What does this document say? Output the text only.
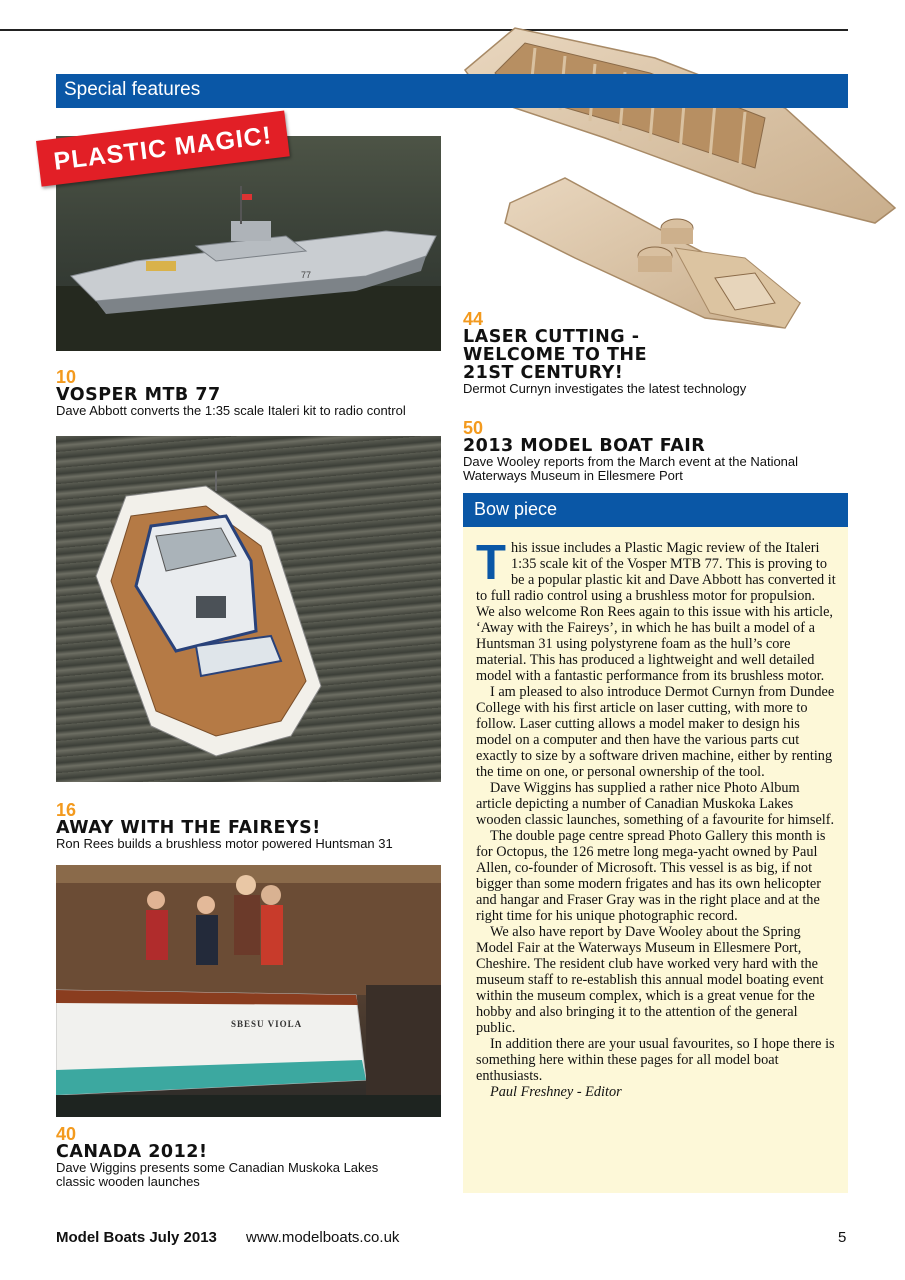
Special features
77
PLASTIC MAGIC!
10
VOSPER MTB 77
Dave Abbott converts the 1:35 scale Italeri kit to radio control
44
LASER CUTTING -
WELCOME TO THE
21ST CENTURY!
Dermot Curnyn investigates the latest technology
50
2013 MODEL BOAT FAIR
Dave Wooley reports from the March event at the National
Waterways Museum in Ellesmere Port
16
AWAY WITH THE FAIREYS!
Ron Rees builds a brushless motor powered Huntsman 31
SBESU VIOLA
40
CANADA 2012!
Dave Wiggins presents some Canadian Muskoka Lakes
classic wooden launches
Bow piece

This issue includes a Plastic Magic review of the Italeri 1:35 scale kit of the Vosper MTB 77. This is proving to be a popular plastic kit and Dave Abbott has converted it to full radio control using a brushless motor for propulsion. We also welcome Ron Rees again to this issue with his article, ‘Away with the Faireys’, in which he has built a model of a Huntsman 31 using polystyrene foam as the hull’s core material. This has produced a lightweight and well detailed model with a fantastic performance from its brushless motor.

I am pleased to also introduce Dermot Curnyn from Dundee College with his first article on laser cutting, with more to follow. Laser cutting allows a model maker to design his model on a computer and then have the various parts cut exactly to size by a software driven machine, either by renting the time on one, or personal ownership of the tool.

Dave Wiggins has supplied a rather nice Photo Album article depicting a number of Canadian Muskoka Lakes wooden classic launches, something of a favourite for himself.

The double page centre spread Photo Gallery this month is for Octopus, the 126 metre long mega-yacht owned by Paul Allen, co-founder of Microsoft. This vessel is as big, if not bigger than some modern frigates and has its own helicopter and hangar and Fraser Gray was in the right place and at the right time for his unique photographic record.

We also have report by Dave Wooley about the Spring Model Fair at the Waterways Museum in Ellesmere Port, Cheshire. The resident club have worked very hard with the museum staff to re-establish this annual model boating event within the museum complex, which is a great venue for the hobby and also bringing it to the attention of the general public.

In addition there are your usual favourites, so I hope there is something here within these pages for all model boat enthusiasts.

Paul Freshney - Editor

Model Boats July 2013 www.modelboats.co.uk	5
